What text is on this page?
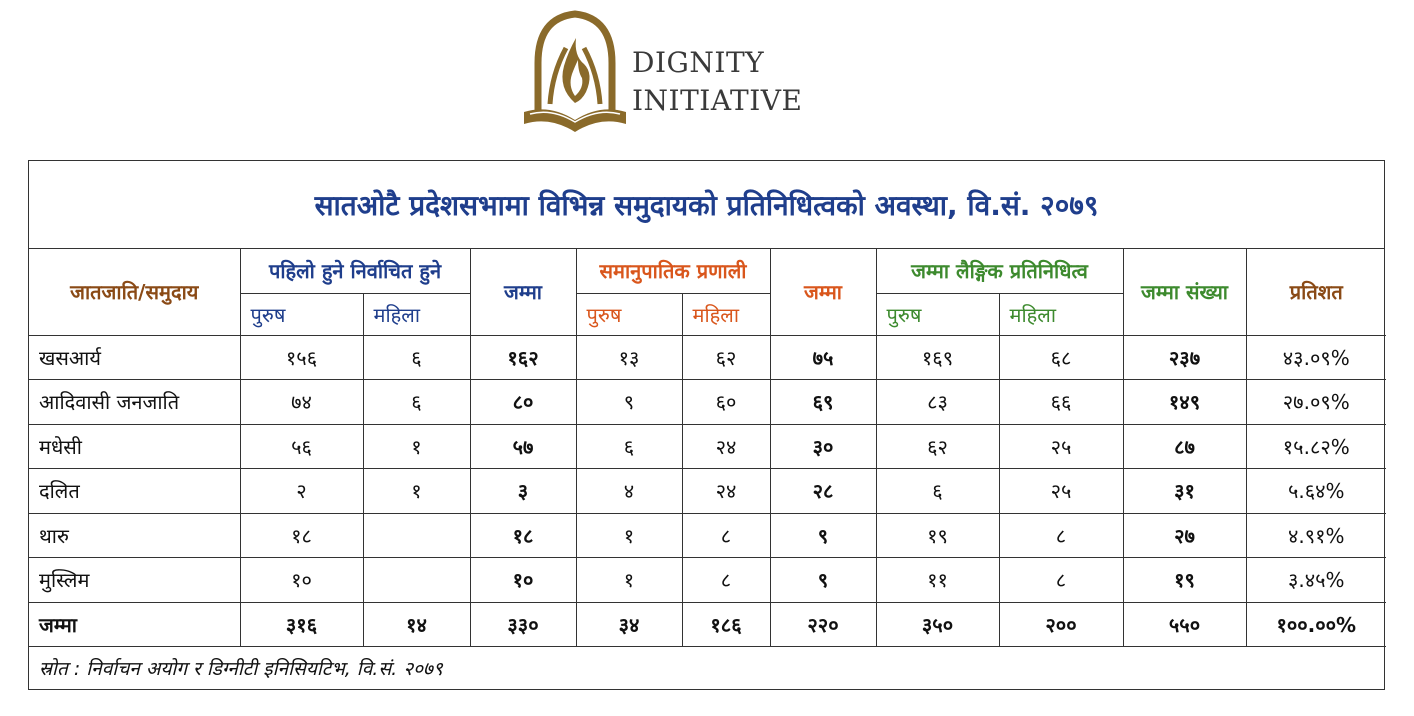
DIGNITY
INITIATIVE
सातओटै प्रदेशसभामा विभिन्न समुदायको प्रतिनिधित्वको अवस्था, वि.सं. २०७९
जातजाति/समुदाय	पहिलो हुने निर्वाचित हुने		जम्मा	समानुपातिक प्रणाली		जम्मा	जम्मा लैङ्गिक प्रतिनिधित्व		जम्मा संख्या	प्रतिशत
	पुरुष	महिला		पुरुष	महिला		पुरुष	महिला		
खसआर्य	१५६	६	१६२	१३	६२	७५	१६९	६८	२३७	४३.०९%
आदिवासी जनजाति	७४	६	८०	९	६०	६९	८३	६६	१४९	२७.०९%
मधेसी	५६	१	५७	६	२४	३०	६२	२५	८७	१५.८२%
दलित	२	१	३	४	२४	२८	६	२५	३१	५.६४%
थारु	१८		१८	१	८	९	१९	८	२७	४.९१%
मुस्लिम	१०		१०	१	८	९	११	८	१९	३.४५%
जम्मा	३१६	१४	३३०	३४	१८६	२२०	३५०	२००	५५०	१००.००%
स्रोत : निर्वाचन अयोग र डिग्नीटी इनिसियटिभ, वि.सं. २०७९										
